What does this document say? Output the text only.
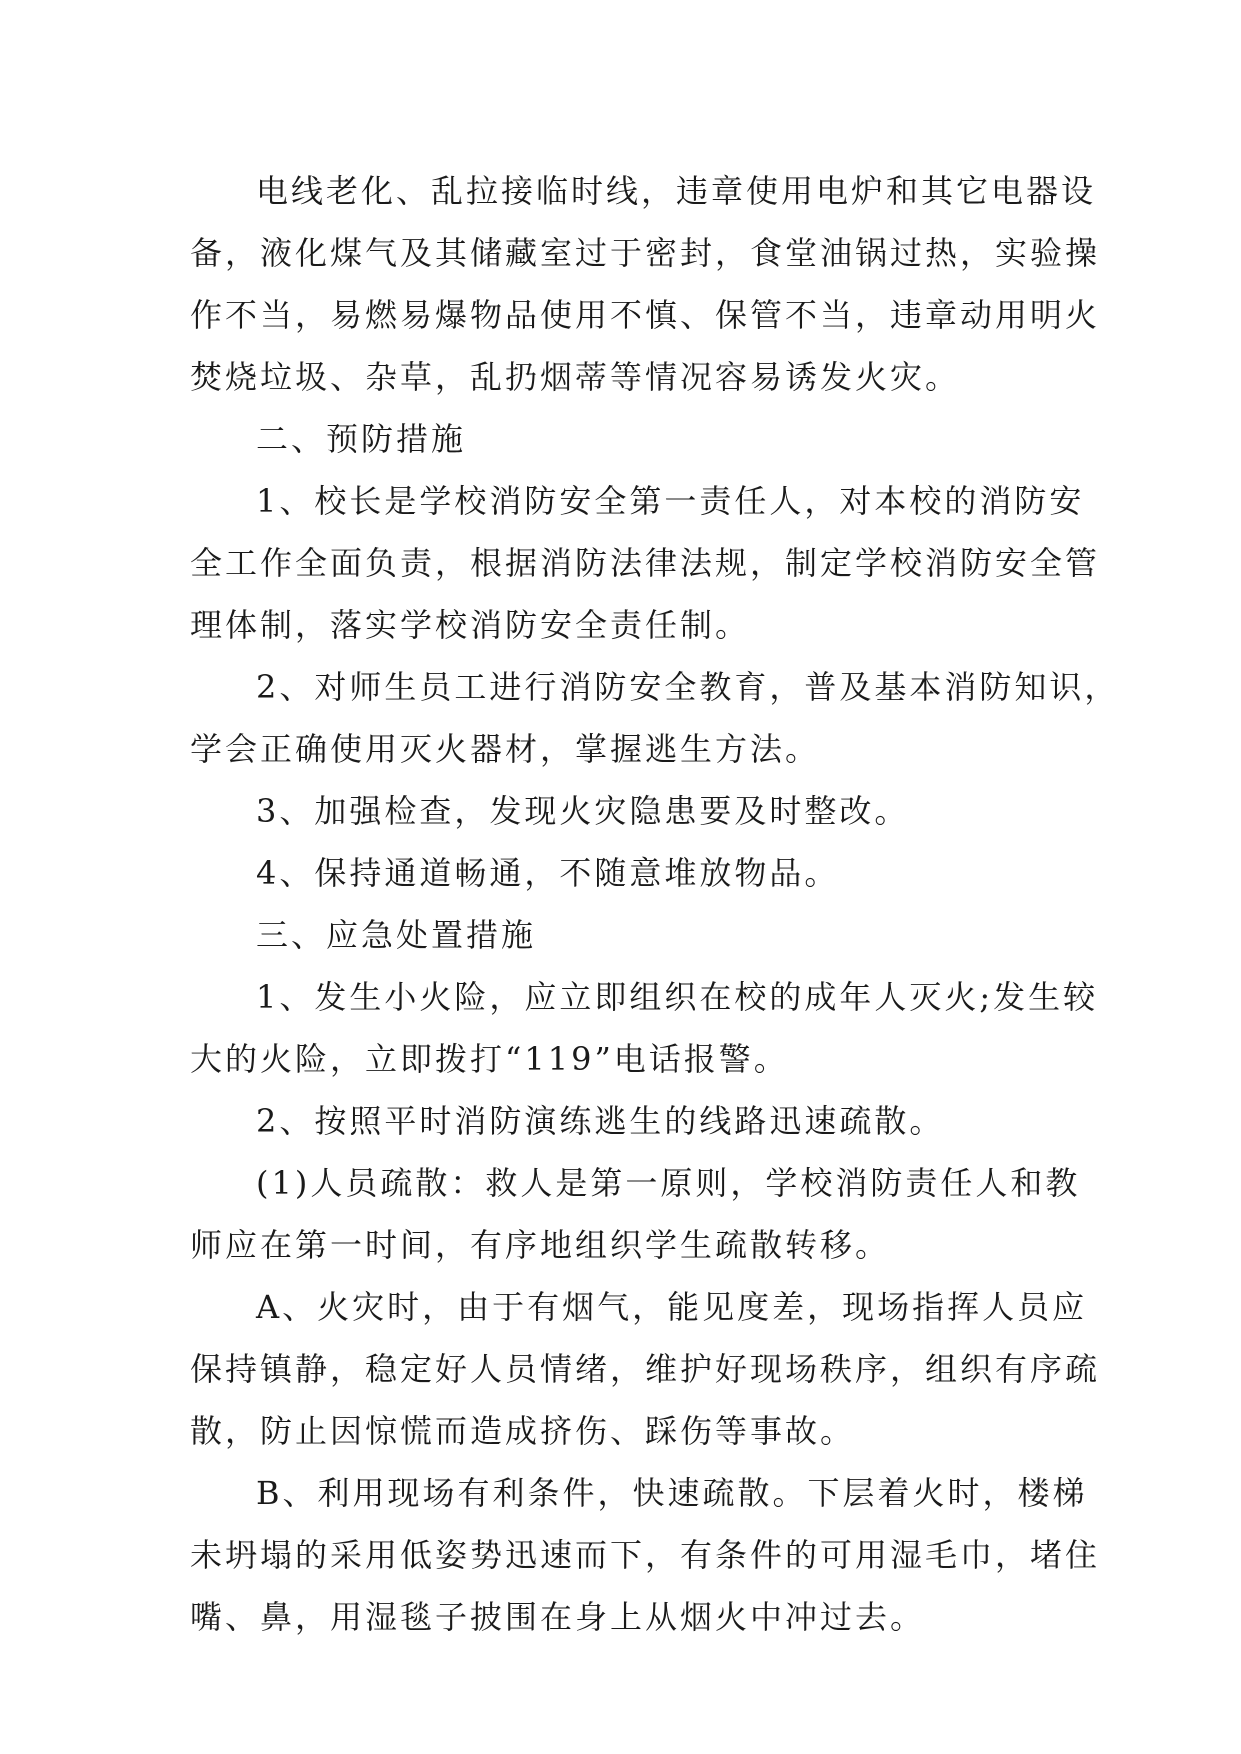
电线老化、乱拉接临时线，违章使用电炉和其它电器设
备，液化煤气及其储藏室过于密封，食堂油锅过热，实验操
作不当，易燃易爆物品使用不慎、保管不当，违章动用明火
焚烧垃圾、杂草，乱扔烟蒂等情况容易诱发火灾。
二、预防措施
1、校长是学校消防安全第一责任人，对本校的消防安
全工作全面负责，根据消防法律法规，制定学校消防安全管
理体制，落实学校消防安全责任制。
2、对师生员工进行消防安全教育，普及基本消防知识，
学会正确使用灭火器材，掌握逃生方法。
3、加强检查，发现火灾隐患要及时整改。
4、保持通道畅通，不随意堆放物品。
三、应急处置措施
1、发生小火险，应立即组织在校的成年人灭火;发生较
大的火险，立即拨打“119”电话报警。
2、按照平时消防演练逃生的线路迅速疏散。
(1)人员疏散：救人是第一原则，学校消防责任人和教
师应在第一时间，有序地组织学生疏散转移。
A、火灾时，由于有烟气，能见度差，现场指挥人员应
保持镇静，稳定好人员情绪，维护好现场秩序，组织有序疏
散，防止因惊慌而造成挤伤、踩伤等事故。
B、利用现场有利条件，快速疏散。下层着火时，楼梯
未坍塌的采用低姿势迅速而下，有条件的可用湿毛巾，堵住
嘴、鼻，用湿毯子披围在身上从烟火中冲过去。
